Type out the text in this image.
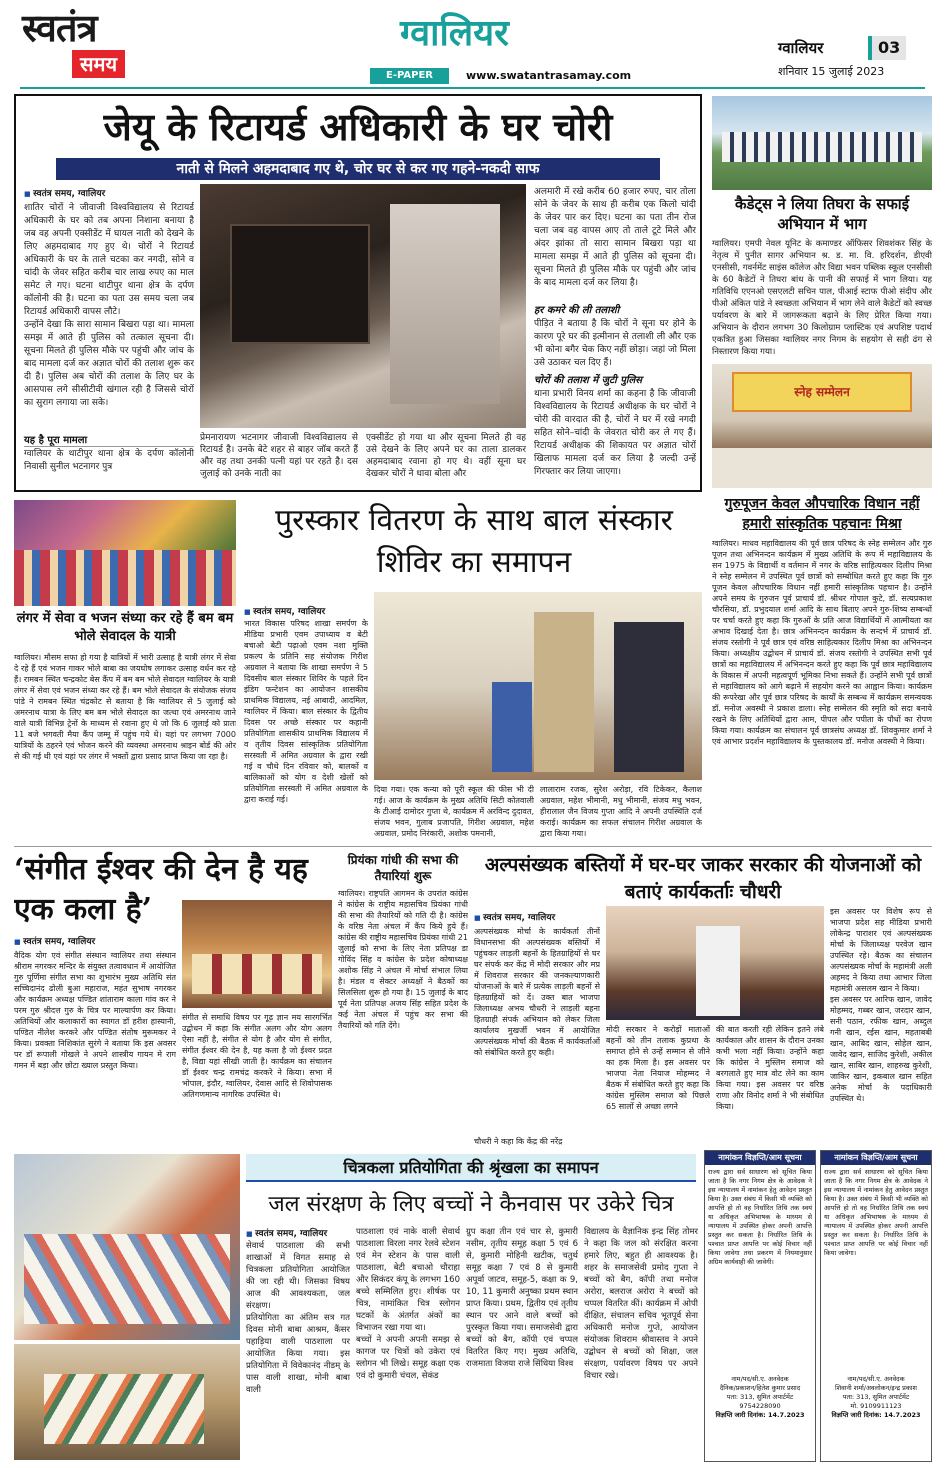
स्वतंत्र
समय
ग्वालियर
E-PAPER	www.swatantrasamay.com
ग्वालियर	03
शनिवार 15 जुलाई 2023
जेयू के रिटायर्ड अधिकारी के घर चोरी
नाती से मिलने अहमदाबाद गए थे, चोर घर से कर गए गहने-नकदी साफ
■ स्वतंत्र समय, ग्वालियर
शातिर चोरों ने जीवाजी विश्वविद्यालय से रिटायर्ड अधिकारी के घर को तब अपना निशाना बनाया है जब वह अपनी एक्सीडेंट में घायल नाती को देखने के लिए अहमदाबाद गए हुए थे। चोरों ने रिटायर्ड अधिकारी के घर के ताले चटका कर नगदी, सोने व चांदी के जेवर सहित करीब चार लाख रुपए का माल समेट ले गए। घटना थाटीपुर थाना क्षेत्र के दर्पण कॉलोनी की है। घटना का पता उस समय चला जब रिटायर्ड अधिकारी वापस लौटे।
उन्होंने देखा कि सारा सामान बिखरा पड़ा था। मामला समझ में आते ही पुलिस को तत्काल सूचना दी। सूचना मिलते ही पुलिस मौके पर पहुंची और जांच के बाद मामला दर्ज कर अज्ञात चोरों की तलाश शुरू कर दी है। पुलिस अब चोरों की तलाश के लिए घर के आसपास लगे सीसीटीवी खंगाल रही है जिससे चोरों का सुराग लगाया जा सके।
यह है पूरा मामला
ग्वालियर के थाटीपुर थाना क्षेत्र के दर्पण कॉलोनी निवासी सुनील भटनागर पुत्र
प्रेमनारायण भटनागर जीवाजी विश्वविद्यालय से रिटायर्ड है। उनके बेटे शहर से बाहर जॉब करते हैं और वह तथा उनकी पत्नी यहां पर रहते है। दस जुलाई को उनके नाती का
एक्सीडेंट हो गया था और सूचना मिलते ही वह उसे देखने के लिए अपने घर का ताला डालकर अहमदाबाद रवाना हो गए थे। वहीं सूना घर देखकर चोरों ने धावा बोला और
अलमारी में रखे करीब 60 हजार रुपए, चार तोला सोने के जेवर के साथ ही करीब एक किलो चांदी के जेवर पार कर दिए। घटना का पता तीन रोज चला जब वह वापस आए तो ताले टूटे मिले और अंदर झांका तो सारा सामान बिखरा पड़ा था मामला समझ में आते ही पुलिस को सूचना दी। सूचना मिलते ही पुलिस मौके पर पहुंची और जांच के बाद मामला दर्ज कर लिया है।
हर कमरे की ली तलाशी
पीड़ित ने बताया है कि चोरों ने सूना घर होने के कारण पूरे घर की इत्मीनान से तलाशी ली और एक भी कोना बगैर चेक किए नहीं छोड़ा। जहां जो मिला उसे उठाकर चल दिए हैं।
चोरों की तलाश में जुटी पुलिस
थाना प्रभारी विनय शर्मा का कहना है कि जीवाजी विश्वविद्यालय के रिटायर्ड अधीक्षक के घर चोरों ने चोरी की वारदात की है, चोरों ने घर में रखे नगदी सहित सोने–चांदी के जेवरात चोरी कर ले गए हैं। रिटायर्ड अधीक्षक की शिकायत पर अज्ञात चोरों खिलाफ मामला दर्ज कर लिया है जल्दी उन्हें गिरफ्तार कर लिया जाएगा।
कैडेट्स ने लिया तिघरा के सफाई अभियान में भाग
ग्वालियर। एमपी नेवल यूनिट के कमाण्डर ऑफिसर शिवशंकर सिंह के नेतृत्व में पुनीत सागर अभियान श्र. ड. मा. वि. हरिदर्शन, डीएवी एनसीसी, गवर्नमेंट साइंस कॉलेज और विद्या भवन पब्लिक स्कूल एनसीसी के 60 कैडेटों ने तिघरा बांध के पानी की सफाई में भाग लिया। यह गतिविधि एएनओ एसएलटी सचिन पाल, पीआई स्टाफ पीओ संदीप और पीओ अंकित पांडे ने स्वच्छता अभियान में भाग लेने वाले कैडेटों को स्वच्छ पर्यावरण के बारे में जागरूकता बढ़ाने के लिए प्रेरित किया गया। अभियान के दौरान लगभग 30 किलोग्राम प्लास्टिक एवं अपशिष्ट पदार्थ एकत्रित हुआ जिसका ग्वालियर नगर निगम के सहयोग से सही ढंग से निस्तारण किया गया।
स्नेह सम्मेलन
गुरुपूजन केवल औपचारिक विधान नहीं हमारी सांस्कृतिक पहचानः मिश्रा
ग्वालियर। माधव महाविद्यालय की पूर्व छात्र परिषद के स्नेह सम्मेलन और गुरु पूजन तथा अभिनन्दन कार्यक्रम में मुख्य अतिथि के रूप में महाविद्यालय के सन 1975 के विद्यार्थी व वर्तमान में नगर के वरिष्ठ साहित्यकार दिलीप मिश्रा ने स्नेह सम्मेलन में उपस्थित पूर्व छात्रों को सम्बोधित करते हुए कहा कि गुरु पूजन केवल औपचारिक विधान नहीं हमारी सांस्कृतिक पहचान है। उन्होंने अपने समय के गुरुजन पूर्व प्राचार्य डॉ. श्रीधर गोपाल कुटे, डॉ. सत्यप्रकाश चौरसिया, डॉ. प्रभुदयाल शर्मा आदि के साथ बिताए अपने गुरु-शिष्य सम्बन्धों पर चर्चा करते हुए कहा कि गुरुओं के प्रति आज विद्यार्थियों में आत्मीयता का अभाव दिखाई देता है। छात्र अभिनन्दन कार्यक्रम के सन्दर्भ में प्राचार्य डॉ. संजय रस्तोगी ने पूर्व छात्र एवं वरिष्ठ साहित्यकार दिलीप मिश्रा का अभिनन्दन किया। अध्यक्षीय उद्बोधन में प्राचार्य डॉ. संजय रस्तोगी ने उपस्थित सभी पूर्व छात्रों का महाविद्यालय में अभिनन्दन करते हुए कहा कि पूर्व छात्र महाविद्यालय के विकास में अपनी महत्वपूर्ण भूमिका निभा सकते हैं। उन्होंने सभी पूर्व छात्रों से महाविद्यालय को आगे बढ़ाने में सहयोग करने का आह्वान किया। कार्यक्रम की रूपरेखा और पूर्व छात्र परिषद के कार्यों के सम्बन्ध में कार्यक्रम समन्वयक डॉ. मनोज अवस्थी ने प्रकाश डाला। स्नेह सम्मेलन की स्मृति को सदा बनाये रखने के लिए अतिथियों द्वारा आम, पीपल और पपीता के पौधों का रोपण किया गया। कार्यक्रम का संचालन पूर्व छात्रसंघ अध्यक्ष डॉ. शिवकुमार शर्मा ने एवं आभार प्रदर्शन महाविद्यालय के पुस्तकालय डॉ. मनोज अवस्थी ने किया।
लंगर में सेवा व भजन संध्या कर रहे हैं बम बम भोले सेवादल के यात्री
ग्वालियर। मौसम सफा हो गया है यात्रियों में भारी उत्साह है यात्री लंगर में सेवा दे रहे हैं एवं भजन गाकर भोले बाबा का जयघोष लगाकर उत्साह वर्धन कर रहे हैं। रामबन स्थित चन्द्रकोट बेस कैंप में बम बम भोले सेवादल ग्वालियर के यात्री लंगर में सेवा एवं भजन संध्या कर रहे हैं। बम भोले सेवादल के संयोजक संजय पांडे ने रामबन स्थित चंद्रकोट से बताया है कि ग्वालियर से 5 जुलाई को अमरनाथ यात्रा के लिए बम बम भोले सेवादल का जत्था एवं अमरनाथ जाने वाले यात्री विभिन्न ट्रेनों के माध्यम से रवाना हुए थे जो कि 6 जुलाई को प्रातः 11 बजे भगवती मैया कैंप जम्मू में पहुंच गये थे। यहां पर लगभग 7000 यात्रियों के ठहरने एवं भोजन करने की व्यवस्था अमरनाथ श्राइन बोर्ड की ओर से की गई थी एवं यहां पर लंगर में भक्तों द्वारा प्रसाद प्राप्त किया जा रहा है।
पुरस्कार वितरण के साथ बाल संस्कार शिविर का समापन
■ स्वतंत्र समय, ग्वालियर
भारत विकास परिषद शाखा समर्पण के मीडिया प्रभारी एवम उपाध्याय व बेटी बचाओ बेटी पढ़ाओ एवम नशा मुक्ति प्रकल्प के प्रतिनि सह संयोजक गिरीश अग्रवाल ने बताया कि शाखा समर्पण ने 5 दिवसीय बाल संस्कार शिविर के पहले दिन इंडिग फन्टेशन का आयोजन शासकीय प्राथमिक विद्यालय, नई आबादी, आदमिल, ग्वालियर में किया। बाल संस्कार के द्वितीय दिवस पर अच्छे संस्कार पर कहानी प्रतियोगिता शासकीय प्राथमिक विद्यालय में व तृतीय दिवस सांस्कृतिक प्रतियोगिता सरस्वती में अमित अग्रवाल के द्वारा रखी गई व चौथे दिन रविवार को, बालकों व बालिकाओं को योग व देशी खेलों को प्रतियोगिता सरस्वती में अमित अग्रवाल के द्वारा कराई गई।
दिया गया। एक कन्या को पूरी स्कूल की फीस भी दी गई। आज के कार्यक्रम के मुख्य अतिथि सिटी कोतवाली के टीआई दामोदर गुप्ता थे, कार्यक्रम में अरविन्द दुदावत, संजय भवन, गुलाब प्रजापति, गिरीश अग्रवाल, महेश अग्रवाल, प्रमोद निरंकारी, अशोक पमनानी,
लालाराम रजक, सुरेश अरोड़ा, रवि टिकेकर, कैलाश अग्रवाल, महेश भीमानी, मधु भीमानी, संजय मधु भवन, हीरालाल जैन विजय गुप्ता आदि ने अपनी उपस्थिति दर्ज कराई। कार्यक्रम का सफल संचालन गिरीश अग्रवाल के द्वारा किया गया।
‘संगीत ईश्वर की देन है यह एक कला है’
■ स्वतंत्र समय, ग्वालियर
वैदिक योग एवं संगीत संस्थान ग्वालियर तथा संस्थान श्रीराम नगरकर मन्दिर के संयुक्त तत्वावधान में आयोजित गुरु पूर्णिमा संगीत सभा का शुभारंभ मुख्य अतिथि संत सच्चिदानंद ढोली बुआ महाराज, महंत सुभाष नगरकर और कार्यक्रम अध्यक्ष पण्डित शांताराम काला गांव कर ने परम गुरु श्रीदत्त गुरु के चित्र पर माल्यार्पण कर किया। अतिथियों और कलाकारों का स्वागत डॉ हरीश हास्यानी, पण्डित नीलेश करकरे और पण्डित संतोष मुरूमकर ने किया। प्रवक्ता निशिकांत सुरंगे ने बताया कि इस अवसर पर डॉ रूपाली गोखले ने अपने शास्त्रीय गायन मे राग गमन में बड़ा और छोटा ख्याल प्रस्तुत किया।
संगीत से समाधि विषय पर गूढ़ ज्ञान मय सारगर्भित उद्बोधन में कहा कि संगीत अलग और योग अलग ऐसा नहीं है, संगीत से योग है और योग से संगीत, संगीत ईश्वर की देन है, यह कला है जो ईश्वर प्रदत है, विद्या यहां सीखी जाती है। कार्यक्रम का संचालन डॉ ईश्वर चन्द्र रामचंद्र करकरे ने किया। सभा में भोपाल, इंदौर, ग्वालियर, देवास आदि से शिवोपासक अतिगणमान्य नागरिक उपस्थित थे।
प्रियंका गांधी की सभा की तैयारियां शुरू
ग्वालियर। राष्ट्रपति आगमन के उपरांत कांग्रेस ने कांग्रेस के राष्ट्रीय महासचिव प्रियंका गांधी की सभा की तैयारियों को गति दी है। कांग्रेस के वरिष्ठ नेता अंचल में कैंप किये हुये हैं। कांग्रेस की राष्ट्रीय महासचिव प्रियंका गांधी 21 जुलाई को सभा के लिए नेता प्रतिपक्ष डा गोविंद सिंह व कांग्रेस के प्रदेश कोषाध्यक्ष अशोक सिंह ने अंचल में मोर्चा संभाल लिया है। मंडल व सेक्टर अध्यक्षों ने बैठकों का सिलसिला शुरू हो गया है। 15 जुलाई के बाद पूर्व नेता प्रतिपक्ष अजय सिंह सहित प्रदेश के कई नेता अंचल में पहुंच कर सभा की तैयारियों को गति देंगे।
अल्पसंख्यक बस्तियों में घर-घर जाकर सरकार की योजनाओं को बताएं कार्यकर्ताः चौधरी
■ स्वतंत्र समय, ग्वालियर
अल्पसंख्यक मोर्चा के कार्यकर्ता तीनों विधानसभा की अल्पसंख्यक बस्तियों में पहुंचकर लाड़ली बहनों के हितग्राहियों से घर घर संपर्क कर केंद्र में मोदी सरकार और मप्र में शिवराज सरकार की जनकल्याणकारी योजनाओं के बारे में प्रत्येक लाड़ली बहनों से हितग्राहियों को दें। उक्त बात भाजपा जिलाध्यक्ष अभय चौधरी ने लाड़ली बहना हितग्राही संपर्क अभियान को लेकर जिला कार्यालय मुखर्जी भवन में आयोजित अल्पसंख्यक मोर्चा की बैठक में कार्यकर्ताओं को संबोधित करते हुए कही।
मोदी सरकार ने करोड़ों माताओं बहनों को तीन तलाक कुप्रथा के समाप्त होने से उन्हें सम्मान से जीने का हक मिला है। इस अवसर पर भाजपा नेता नियाज मोहम्मद ने बैठक में संबोधित करते हुए कहा कि कांग्रेस मुस्लिम समाज को पिछले 65 सालों से अच्छा लगने
की बात करती रही लेकिन इतने लंबे कार्यकाल और शासन के दौरान उनका कभी भला नहीं किया। उन्होंने कहा कि कांग्रेस ने मुस्लिम समाज को बरगलाते हुए मात्र वोट लेने का काम किया गया। इस अवसर पर वरिष्ठ राणा और विनोद शर्मा ने भी संबोधित किया।
इस अवसर पर विशेष रूप से भाजपा प्रदेश सह मीडिया प्रभारी लोकेन्द्र पाराशर एवं अल्पसंख्यक मोर्चा के जिलाध्यक्ष परवेज खान उपस्थित रहे। बैठक का संचालन अल्पसंख्यक मोर्चा के महामंत्री अली अहमद ने किया तथा आभार जिला महामंत्री असलम खान ने किया।
इस अवसर पर आरिफ खान, जावेद मोहम्मद, गब्बर खान, जरदार खान, सनी पठान, रफीक खान, अब्दुल गनी खान, रईस खान, महताबबी खान, आबिद खान, सोहेल खान, जावेद खान, साजिद कुरेशी, अकील खान, साबिर खान, शाहरुख कुरेशी, जाकिर खान, इकबाल खान सहित अनेक मोर्चा के पदाधिकारी उपस्थित थे।
चौधरी ने कहा कि केंद्र की नरेंद्र
चित्रकला प्रतियोगिता की श्रृंखला का समापन
जल संरक्षण के लिए बच्चों ने कैनवास पर उकेरे चित्र
■ स्वतंत्र समय, ग्वालियर
सेवार्थ पाठशाला की सभी शाखाओं में विगत समाह से चित्रकला प्रतियोगिता आयोजित की जा रही थी। जिसका विषय आज की आवश्यकता, जल संरक्षण।
प्रतियोगिता का अंतिम सत्र गत दिवस मोनी बाबा आश्रम, कैंसर पहाड़िया वाली पाठशाला पर आयोजित किया गया। इस प्रतियोगिता में विवेकानंद नीडम् के पास वाली शाखा, मोनी बाबा वाली
पाठशाला एवं नाके वाली सेवार्थ पाठशाला विरला नगर रेलवे स्टेशन एवं मेन स्टेशन के पास वाली पाठशाला, बेटी बचाओ चौराहा और सिकंदर कंपू के लगभग 160 बच्चे सम्मिलित हुए। शीर्षक पर चित्र, नामांकित चित्र स्लोगन घटकों के अंतर्गत अंकों का विभाजन रखा गया था।
बच्चों ने अपनी अपनी समझ से कागज पर चित्रों को उकेरा एवं स्लोगन भी लिखे। समूह कक्षा एक एवं दो कुमारी चंचल, सेकंड
ग्रुप कक्षा तीन एवं चार से, कुमारी नसीम, तृतीय समूह कक्षा 5 एवं 6 से, कुमारी मोहिनी खटीक, चतुर्थ समूह कक्षा 7 एवं 8 से कुमारी अपूर्वा जाटव, समूह-5, कक्षा क 9, 10, 11 कुमारी अनुष्का प्रथम स्थान प्राप्त किया। प्रथम, द्वितीय एवं तृतीय स्थान पर आने वाले बच्चों को पुरस्कृत किया गया। समाजसेवी द्वारा बच्चों को बैग, कॉपी एवं चप्पल वितरित किए गए। मुख्य अतिथि, राजमाता विजया राजे सिंधिया विश्व
विद्यालय के वैज्ञानिक इन्द्र सिंह तोमर ने कहा कि जल को संरक्षित करना हमारे लिए, बहुत ही आवश्यक है। शहर के समाजसेवी प्रमोद गुप्ता ने बच्चों को बैग, कॉपी तथा मनोज अरोरा, बलराज अरोरा ने बच्चों को चप्पल वितरित कीं। कार्यक्रम में ओपी दीक्षित, संचालन सचिव भूतपूर्व सेना अधिकारी मनोज गुप्ते, आयोजन संयोजक शिवराम श्रीवास्तव ने अपने उद्बोधन से बच्चों को शिक्षा, जल संरक्षण, पर्यावरण विषय पर अपने विचार रखे।
नामांकन विज्ञप्ति/आम सूचना
राज्य द्वारा सर्व साधारण को सूचित किया जाता है कि नगर निगम क्षेत्र के आवेदक ने इस न्यायालय में नामांकन हेतु आवेदन प्रस्तुत किया है। उक्त संबंध में किसी भी व्यक्ति को आपत्ति हो तो वह निर्धारित तिथि तक स्वयं या अधिकृत अभिभाषक के माध्यम से न्यायालय में उपस्थित होकर अपनी आपत्ति प्रस्तुत कर सकता है। निर्धारित तिथि के पश्चात प्राप्त आपत्ति पर कोई विचार नहीं किया जावेगा तथा प्रकरण में नियमानुसार अग्रिम कार्यवाही की जावेगी।
नाम/पद/सी.ए. अनवेदक
दैनिक/प्रकाशन/हितेश कुमार प्रसाद
पता: 313, सुमित अपार्टमेंट
9754228090
विज्ञप्ति जारी दिनांक: 14.7.2023
नामांकन विज्ञप्ति/आम सूचना
राज्य द्वारा सर्व साधारण को सूचित किया जाता है कि नगर निगम क्षेत्र के आवेदक ने इस न्यायालय में नामांकन हेतु आवेदन प्रस्तुत किया है। उक्त संबंध में किसी भी व्यक्ति को आपत्ति हो तो वह निर्धारित तिथि तक स्वयं या अधिकृत अभिभाषक के माध्यम से न्यायालय में उपस्थित होकर अपनी आपत्ति प्रस्तुत कर सकता है। निर्धारित तिथि के पश्चात प्राप्त आपत्ति पर कोई विचार नहीं किया जावेगा।
नाम/पद/सी.ए. अनवेदक
शिवानी शर्मा/अवलोकन/इन्द्र प्रकाश
पता: 313, सुमित अपार्टमेंट
मो. 9109911123
विज्ञप्ति जारी दिनांक: 14.7.2023
